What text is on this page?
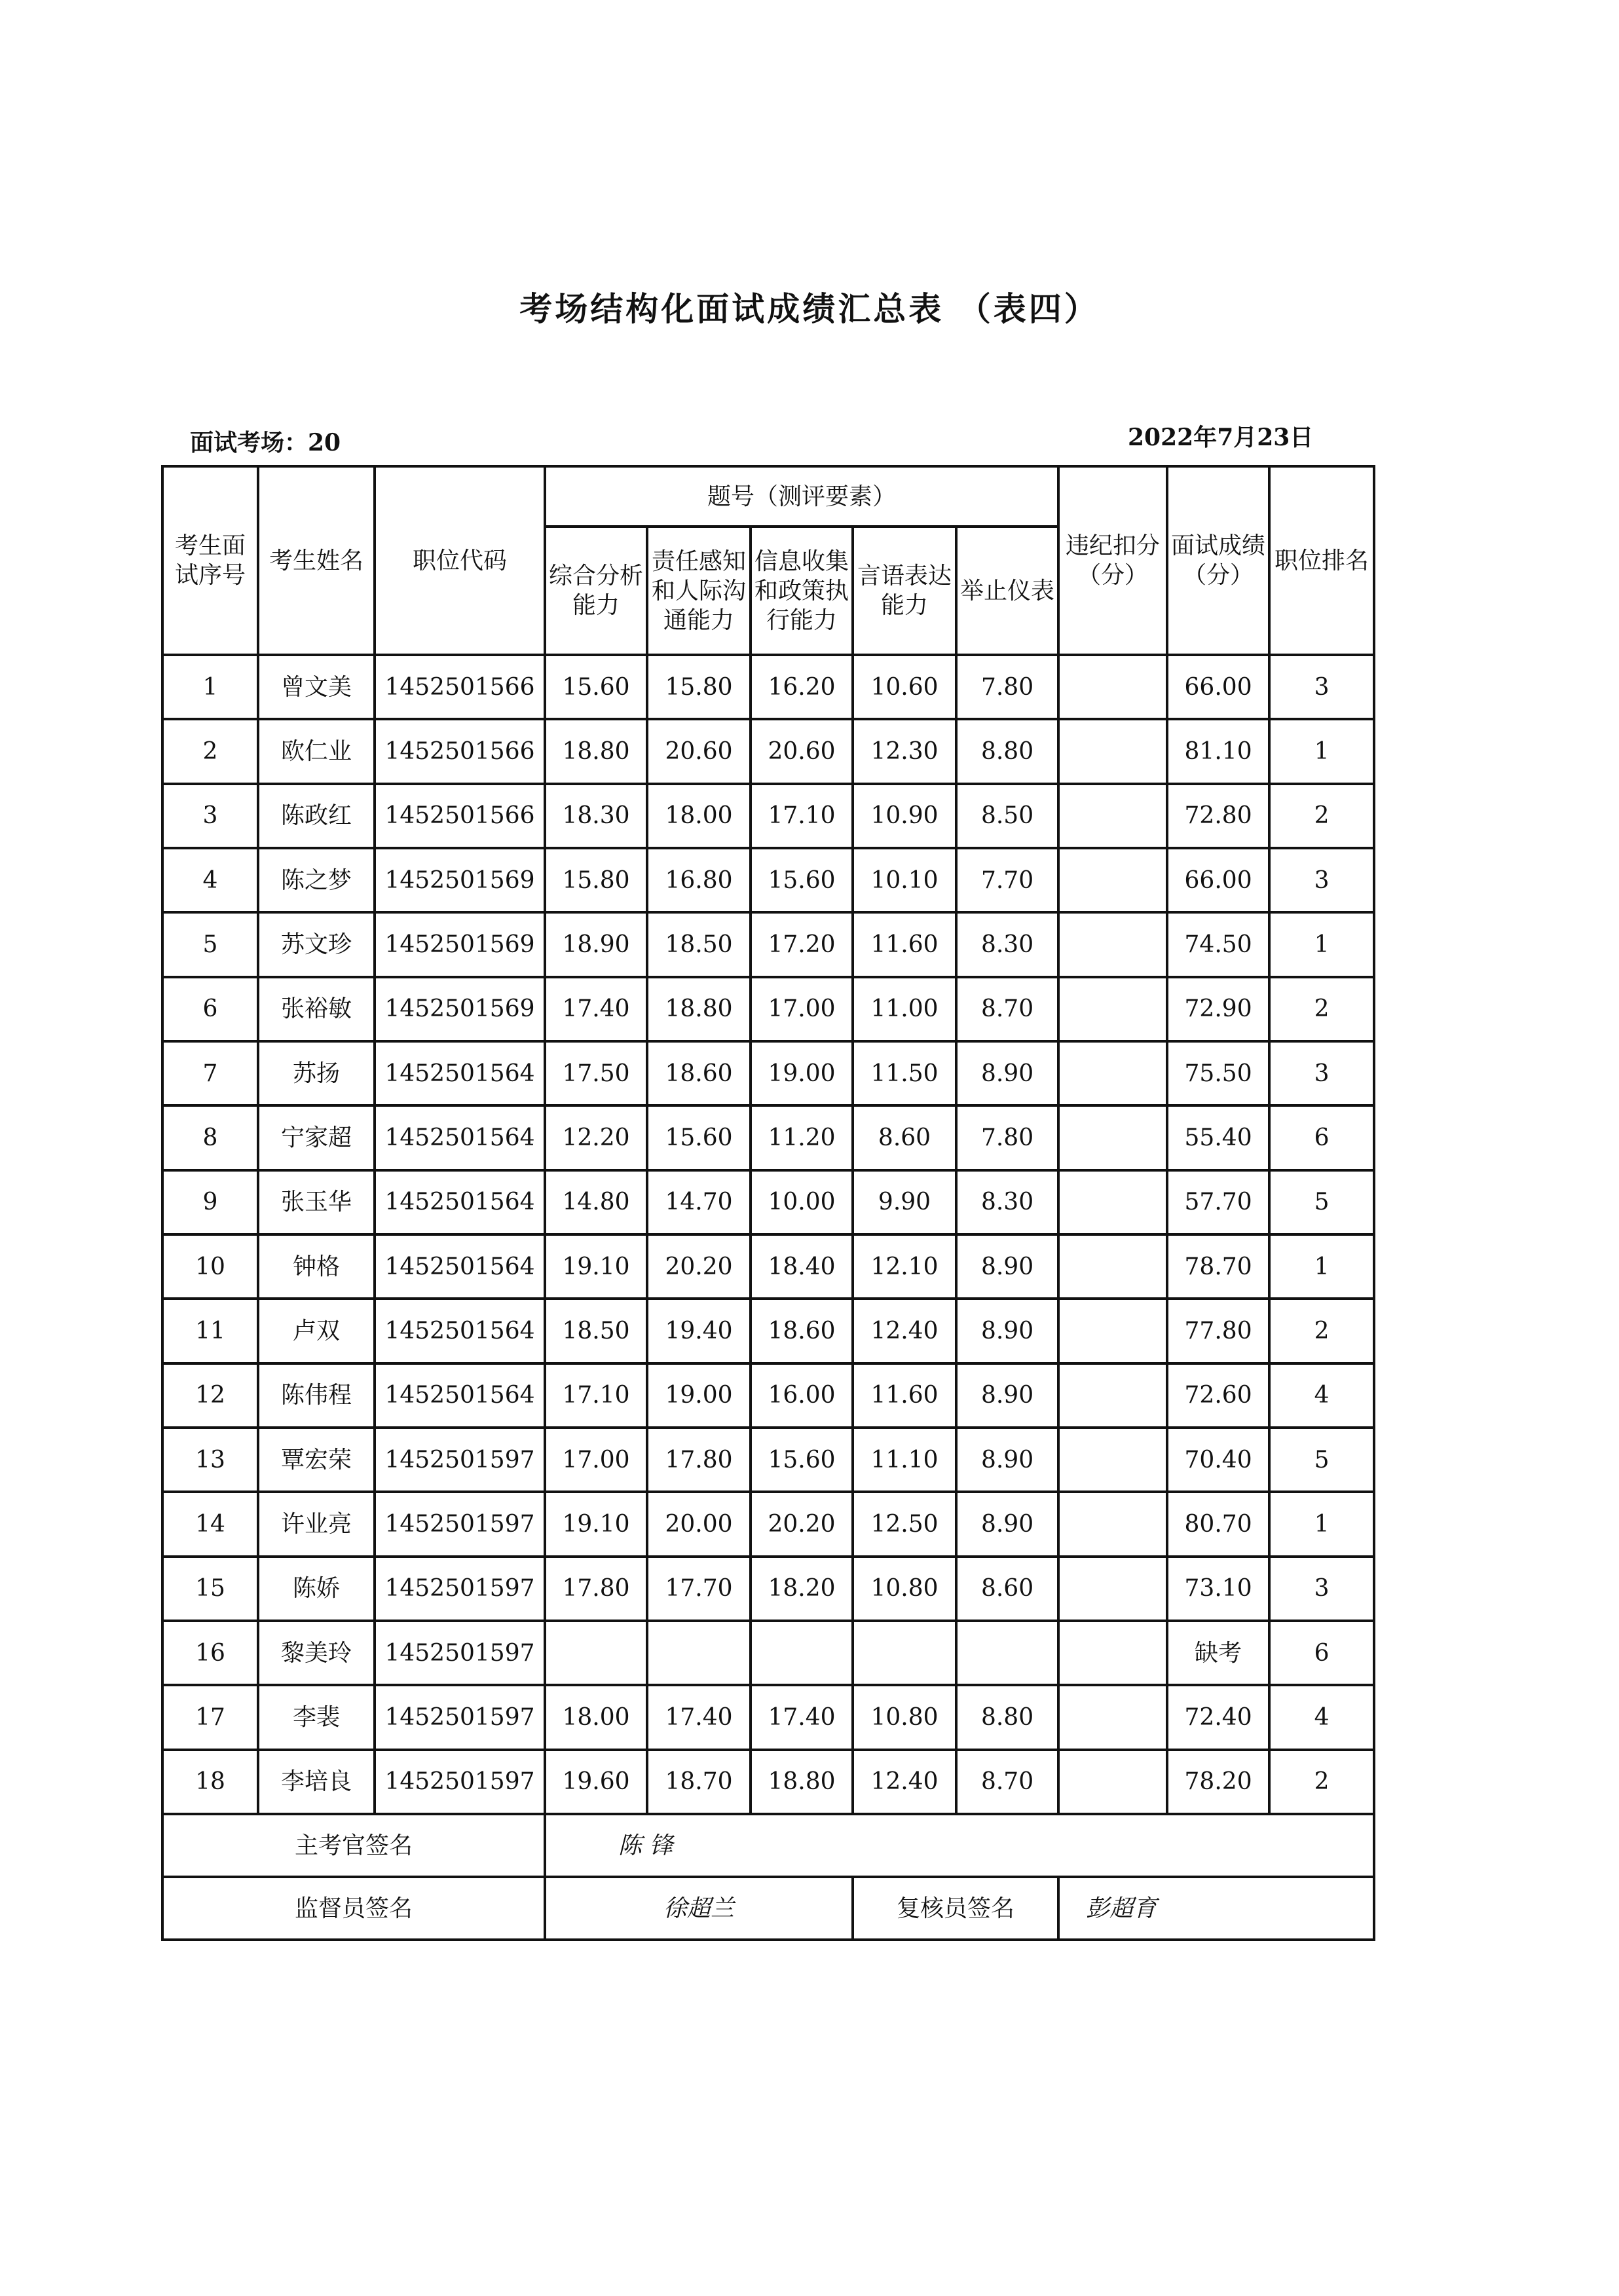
考场结构化面试成绩汇总表 （表四）
面试考场：20	2022年7月23日
考生面试序号	考生姓名	职位代码	题号（测评要素）					违纪扣分（分）	面试成绩（分）	职位排名
			综合分析能力	责任感知和人际沟通能力	信息收集和政策执行能力	言语表达能力	举止仪表			
1	曾文美	1452501566	15.60	15.80	16.20	10.60	7.80		66.00	3
2	欧仁业	1452501566	18.80	20.60	20.60	12.30	8.80		81.10	1
3	陈政红	1452501566	18.30	18.00	17.10	10.90	8.50		72.80	2
4	陈之梦	1452501569	15.80	16.80	15.60	10.10	7.70		66.00	3
5	苏文珍	1452501569	18.90	18.50	17.20	11.60	8.30		74.50	1
6	张裕敏	1452501569	17.40	18.80	17.00	11.00	8.70		72.90	2
7	苏扬	1452501564	17.50	18.60	19.00	11.50	8.90		75.50	3
8	宁家超	1452501564	12.20	15.60	11.20	8.60	7.80		55.40	6
9	张玉华	1452501564	14.80	14.70	10.00	9.90	8.30		57.70	5
10	钟格	1452501564	19.10	20.20	18.40	12.10	8.90		78.70	1
11	卢双	1452501564	18.50	19.40	18.60	12.40	8.90		77.80	2
12	陈伟程	1452501564	17.10	19.00	16.00	11.60	8.90		72.60	4
13	覃宏荣	1452501597	17.00	17.80	15.60	11.10	8.90		70.40	5
14	许业亮	1452501597	19.10	20.00	20.20	12.50	8.90		80.70	1
15	陈娇	1452501597	17.80	17.70	18.20	10.80	8.60		73.10	3
16	黎美玲	1452501597							缺考	6
17	李裴	1452501597	18.00	17.40	17.40	10.80	8.80		72.40	4
18	李培良	1452501597	19.60	18.70	18.80	12.40	8.70		78.20	2
主考官签名			陈 锋							
监督员签名			徐超兰			复核员签名		彭超育		
